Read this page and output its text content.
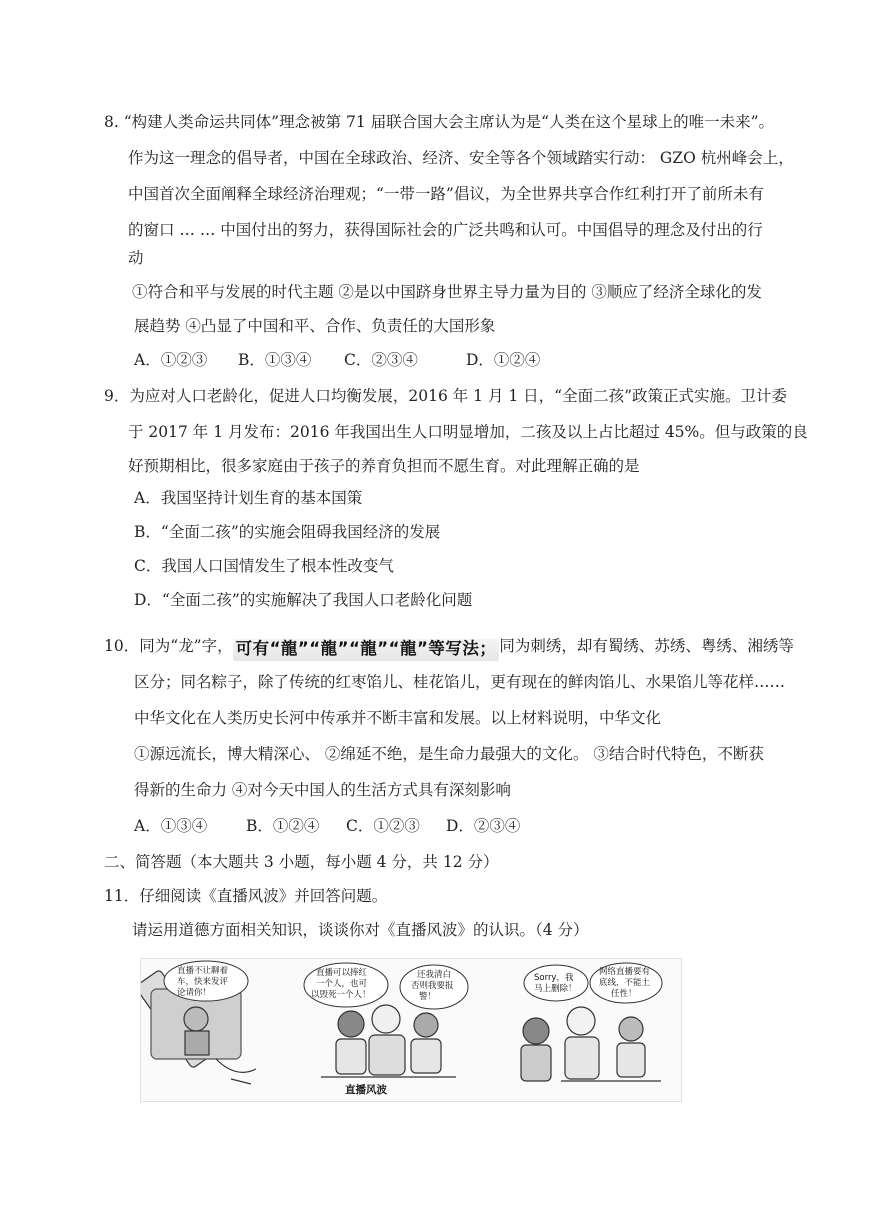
8. “构建人类命运共同体”理念被第 71 届联合国大会主席认为是“人类在这个星球上的唯一未来”。
作为这一理念的倡导者，中国在全球政治、经济、安全等各个领域踏实行动： GZO 杭州峰会上，
中国首次全面阐释全球经济治理观；“一带一路”倡议，为全世界共享合作红利打开了前所未有
的窗口 … … 中国付出的努力，获得国际社会的广泛共鸣和认可。中国倡导的理念及付出的行
动
①符合和平与发展的时代主题 ②是以中国跻身世界主导力量为目的 ③顺应了经济全球化的发
展趋势 ④凸显了中国和平、合作、负责任的大国形象
A．①②③ B．①③④ C．②③④	D．①②④
9．为应对人口老龄化，促进人口均衡发展，2016 年 1 月 1 日，“全面二孩”政策正式实施。卫计委
于 2017 年 1 月发布：2016 年我国出生人口明显增加，二孩及以上占比超过 45%。但与政策的良
好预期相比，很多家庭由于孩子的养育负担而不愿生育。对此理解正确的是
A．我国坚持计划生育的基本国策
B．“全面二孩”的实施会阻碍我国经济的发展
C．我国人口国情发生了根本性改变气
D．“全面二孩”的实施解决了我国人口老龄化问题
10．同为“龙”字， 可有“龍”“龍”“龍”“龍”等写法； 同为刺绣，却有蜀绣、苏绣、粤绣、湘绣等
区分；同名粽子，除了传统的红枣馅儿、桂花馅儿，更有现在的鲜肉馅儿、水果馅儿等花样……
中华文化在人类历史长河中传承并不断丰富和发展。以上材料说明，中华文化
①源远流长，博大精深心、 ②绵延不绝，是生命力最强大的文化。 ③结合时代特色，不断获
得新的生命力 ④对今天中国人的生活方式具有深刻影响
A．①③④	B．①②④ C．①②③ D．②③④
二、简答题（本大题共 3 小题，每小题 4 分，共 12 分）
11．仔细阅读《直播风波》并回答问题。
请运用道德方面相关知识，谈谈你对《直播风波》的认识。（4 分）
直播不让聊着
车，快来发评
论请你！
直播可以捧红
一个人，也可
以毁死一个人！
还我清白
否则我要报
警！
直播风波
Sorry，我
马上删除！
网络直播要有
底线，不能土
任性！
